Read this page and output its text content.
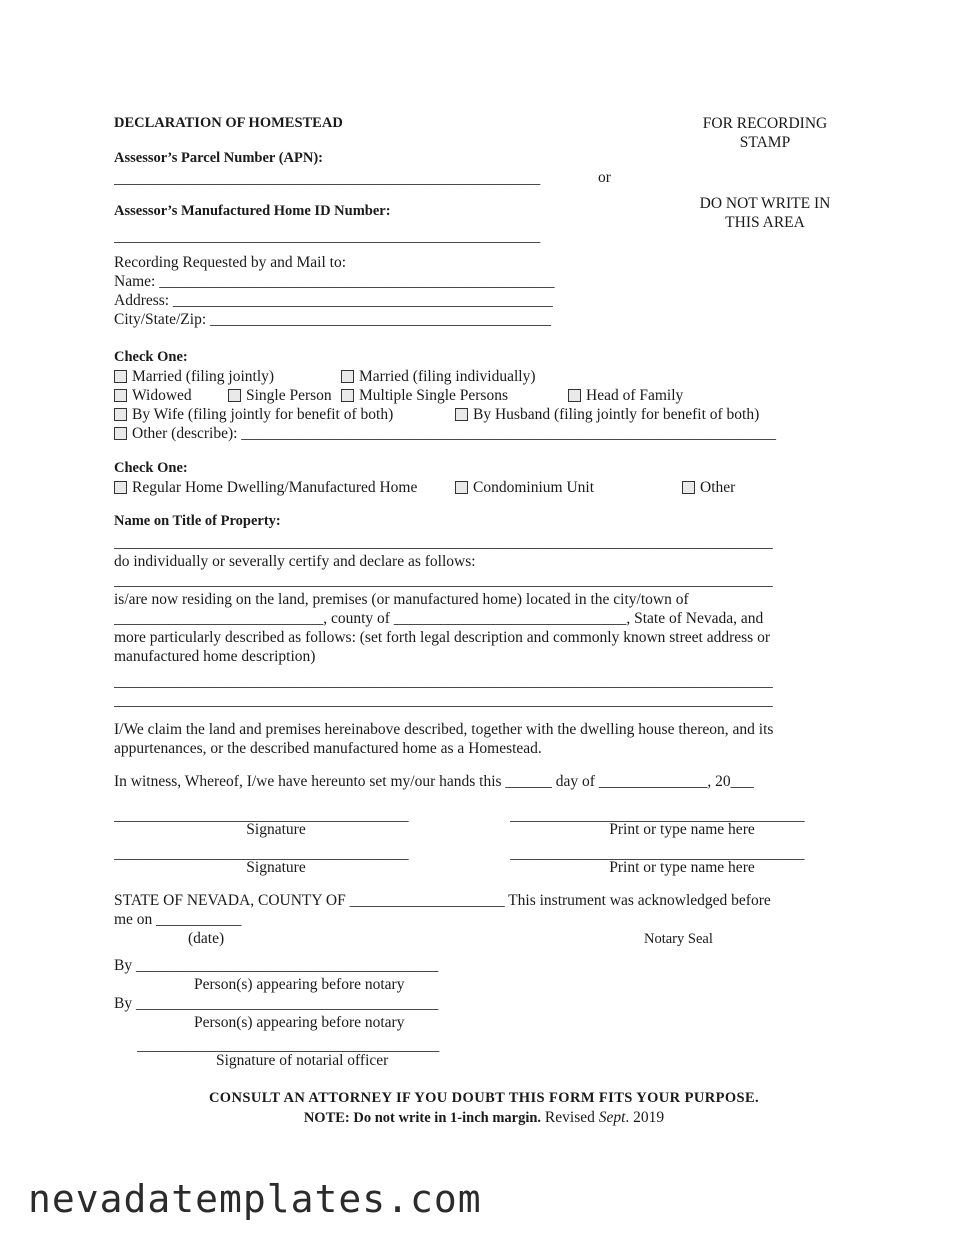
DECLARATION OF HOMESTEAD
Assessor’s Parcel Number (APN):
_______________________________________________________	or
Assessor’s Manufactured Home ID Number:
_______________________________________________________
FOR RECORDING
STAMP
DO NOT WRITE IN
THIS AREA
Recording Requested by and Mail to:
Name: ___________________________________________________
Address: _________________________________________________
City/State/Zip: ____________________________________________
Check One:
Married (filing jointly)	Married (filing individually)
Widowed	Single Person	Multiple Single Persons	Head of Family
By Wife (filing jointly for benefit of both)	By Husband (filing jointly for benefit of both)
Other (describe): _____________________________________________________________________
Check One:
Regular Home Dwelling/Manufactured Home	Condominium Unit	Other
Name on Title of Property:
_____________________________________________________________________________________
do individually or severally certify and declare as follows:
_____________________________________________________________________________________
is/are now residing on the land, premises (or manufactured home) located in the city/town of
___________________________, county of ______________________________, State of Nevada, and
more particularly described as follows: (set forth legal description and commonly known street address or
manufactured home description)
_____________________________________________________________________________________
_____________________________________________________________________________________
I/We claim the land and premises hereinabove described, together with the dwelling house thereon, and its
appurtenances, or the described manufactured home as a Homestead.
In witness, Whereof, I/we have hereunto set my/our hands this ______ day of ______________, 20___
______________________________________
Signature
______________________________________
Print or type name here
______________________________________
Signature
______________________________________
Print or type name here
STATE OF NEVADA, COUNTY OF ____________________ This instrument was acknowledged before
me on ___________
(date)	Notary Seal
By _______________________________________
Person(s) appearing before notary
By _______________________________________
Person(s) appearing before notary
_______________________________________
Signature of notarial officer
CONSULT AN ATTORNEY IF YOU DOUBT THIS FORM FITS YOUR PURPOSE.
NOTE: Do not write in 1-inch margin. Revised Sept. 2019
nevadatemplates.com
